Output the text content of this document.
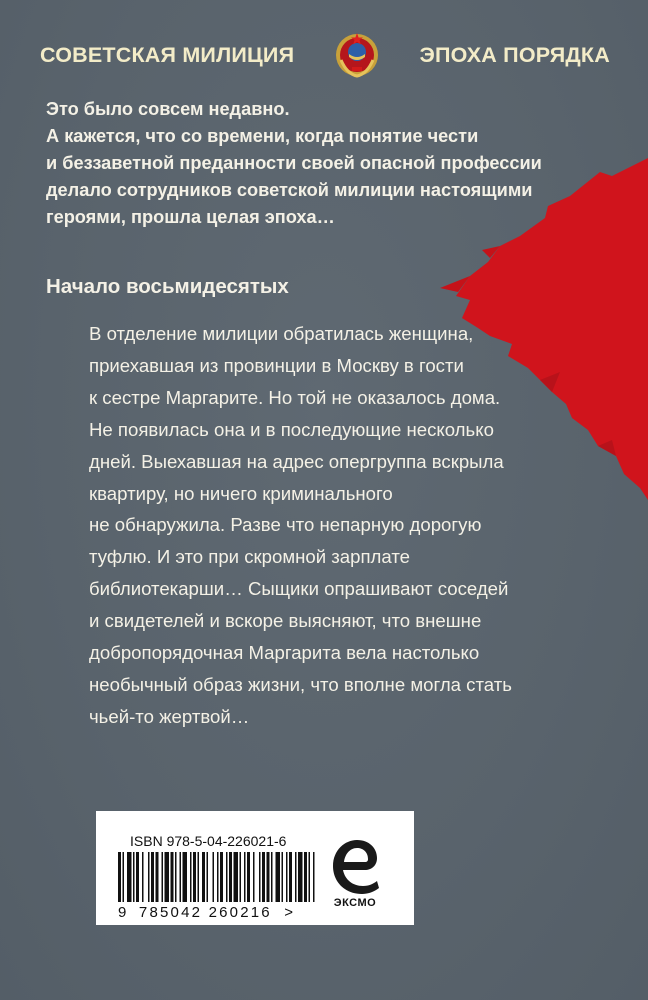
СОВЕТСКАЯ МИЛИЦИЯ	ЭПОХА ПОРЯДКА
Это было совсем недавно.
А кажется, что со времени, когда понятие чести
и беззаветной преданности своей опасной профессии
делало сотрудников советской милиции настоящими
героями, прошла целая эпоха…
Начало восьмидесятых
В отделение милиции обратилась женщина,
приехавшая из провинции в Москву в гости
к сестре Маргарите. Но той не оказалось дома.
Не появилась она и в последующие несколько
дней. Выехавшая на адрес опергруппа вскрыла
квартиру, но ничего криминального
не обнаружила. Разве что непарную дорогую
туфлю. И это при скромной зарплате
библиотекарши… Сыщики опрашивают соседей
и свидетелей и вскоре выясняют, что внешне
добропорядочная Маргарита вела настолько
необычный образ жизни, что вполне могла стать
чьей-то жертвой…
ISBN 978-5-04-226021-6
9 785042 260216 >
ЭКСМО
